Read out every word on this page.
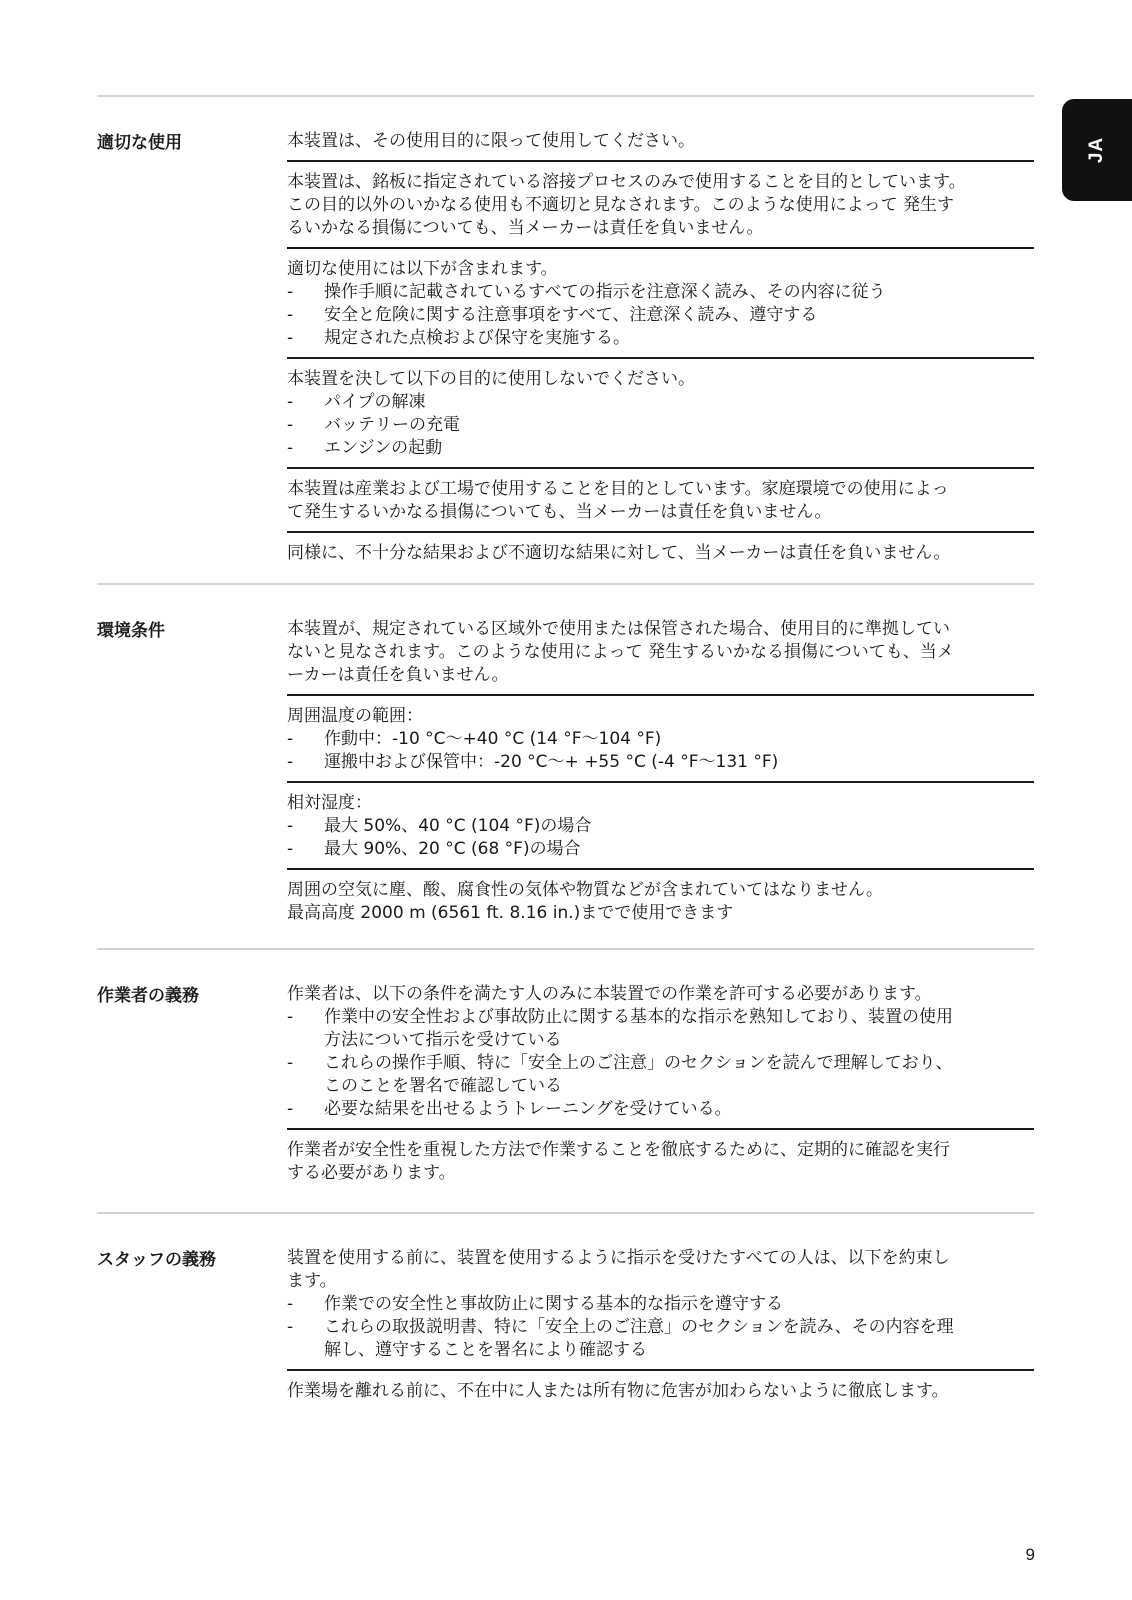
JA
適切な使用	本装置は、その使用目的に限って使用してください。
本装置は、銘板に指定されている溶接プロセスのみで使用することを目的としています。
この目的以外のいかなる使用も不適切と見なされます。このような使用によって 発生す
るいかなる損傷についても、当メーカーは責任を負いません。
適切な使用には以下が含まれます。
-	操作手順に記載されているすべての指示を注意深く読み、その内容に従う
-	安全と危険に関する注意事項をすべて、注意深く読み、遵守する
-	規定された点検および保守を実施する。
本装置を決して以下の目的に使用しないでください。
-	パイプの解凍
-	バッテリーの充電
-	エンジンの起動
本装置は産業および工場で使用することを目的としています。家庭環境での使用によっ
て発生するいかなる損傷についても、当メーカーは責任を負いません。
同様に、不十分な結果および不適切な結果に対して、当メーカーは責任を負いません。
環境条件	本装置が、規定されている区域外で使用または保管された場合、使用目的に準拠してい
ないと見なされます。このような使用によって 発生するいかなる損傷についても、当メ
ーカーは責任を負いません。
周囲温度の範囲：
-	作動中：-10 °C〜+40 °C (14 °F〜104 °F)
-	運搬中および保管中：-20 °C〜+ +55 °C (-4 °F〜131 °F)
相対湿度：
-	最大 50%、40 °C (104 °F)の場合
-	最大 90%、20 °C (68 °F)の場合
周囲の空気に塵、酸、腐食性の気体や物質などが含まれていてはなりません。
最高高度 2000 m (6561 ft. 8.16 in.)までで使用できます
作業者の義務	作業者は、以下の条件を満たす人のみに本装置での作業を許可する必要があります。
-	作業中の安全性および事故防止に関する基本的な指示を熟知しており、装置の使用
方法について指示を受けている
-	これらの操作手順、特に「安全上のご注意」のセクションを読んで理解しており、
このことを署名で確認している
-	必要な結果を出せるようトレーニングを受けている。
作業者が安全性を重視した方法で作業することを徹底するために、定期的に確認を実行
する必要があります。
スタッフの義務	装置を使用する前に、装置を使用するように指示を受けたすべての人は、以下を約束し
ます。
-	作業での安全性と事故防止に関する基本的な指示を遵守する
-	これらの取扱説明書、特に「安全上のご注意」のセクションを読み、その内容を理
解し、遵守することを署名により確認する
作業場を離れる前に、不在中に人または所有物に危害が加わらないように徹底します。
9
